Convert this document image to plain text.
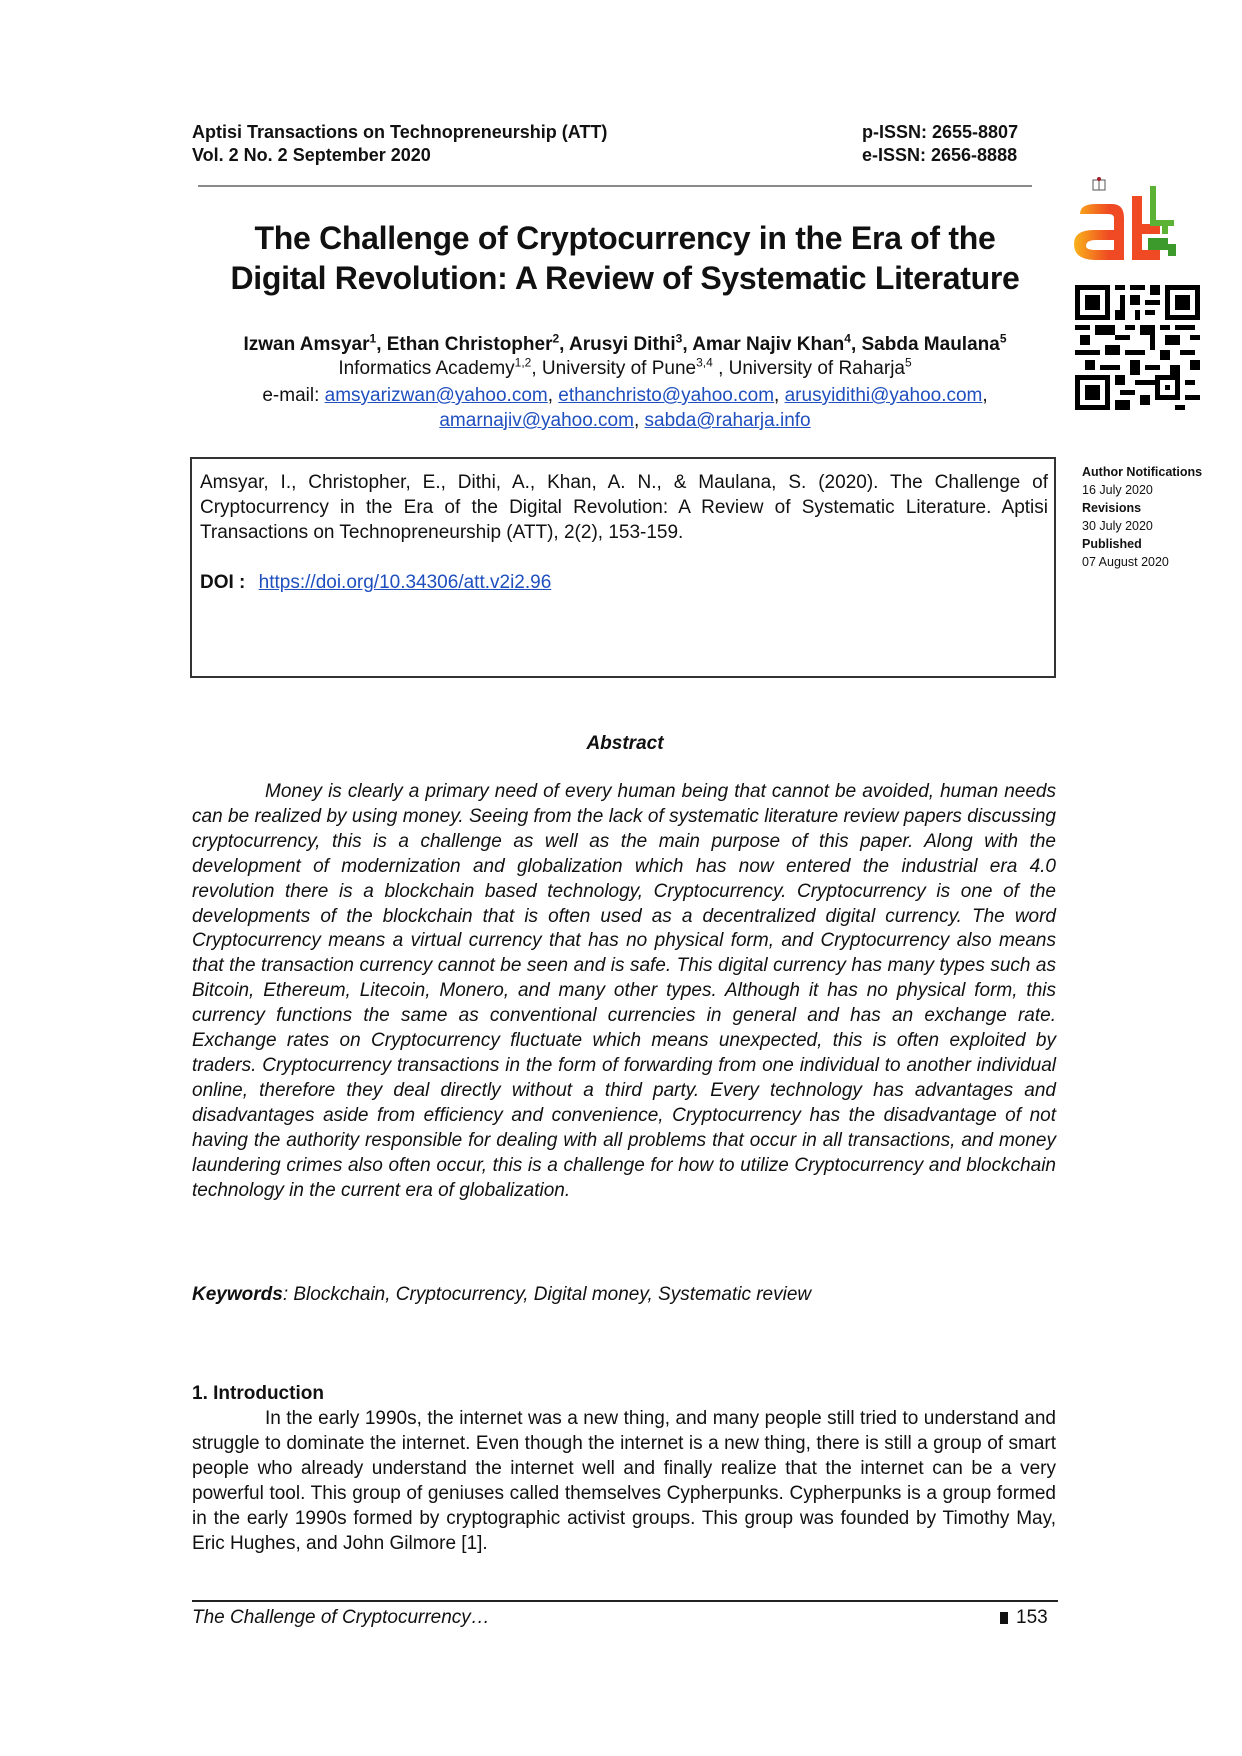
Aptisi Transactions on Technopreneurship (ATT)
Vol. 2 No. 2 September 2020
p-ISSN: 2655-8807
e-ISSN: 2656-8888
The Challenge of Cryptocurrency in the Era of the
Digital Revolution: A Review of Systematic Literature
Izwan Amsyar$^1$, Ethan Christopher$^2$, Arusyi Dithi$^3$, Amar Najiv Khan$^4$, Sabda Maulana$^5$
Informatics Academy$^{1,2}$, University of Pune$^{3,4}$ , University of Raharja$^5$
e-mail: amsyarizwan@yahoo.com, ethanchristo@yahoo.com, arusyidithi@yahoo.com,
amarnajiv@yahoo.com, sabda@raharja.info
Amsyar, I., Christopher, E., Dithi, A., Khan, A. N., & Maulana, S. (2020). The Challenge of Cryptocurrency in the Era of the Digital Revolution: A Review of Systematic Literature. Aptisi Transactions on Technopreneurship (ATT), 2(2), 153-159.
DOI : https://doi.org/10.34306/att.v2i2.96
Author Notifications
16 July 2020
Revisions
30 July 2020
Published
07 August 2020
Abstract
Money is clearly a primary need of every human being that cannot be avoided, human needs can be realized by using money. Seeing from the lack of systematic literature review papers discussing cryptocurrency, this is a challenge as well as the main purpose of this paper. Along with the development of modernization and globalization which has now entered the industrial era 4.0 revolution there is a blockchain based technology, Cryptocurrency. Cryptocurrency is one of the developments of the blockchain that is often used as a decentralized digital currency. The word Cryptocurrency means a virtual currency that has no physical form, and Cryptocurrency also means that the transaction currency cannot be seen and is safe. This digital currency has many types such as Bitcoin, Ethereum, Litecoin, Monero, and many other types. Although it has no physical form, this currency functions the same as conventional currencies in general and has an exchange rate. Exchange rates on Cryptocurrency fluctuate which means unexpected, this is often exploited by traders. Cryptocurrency transactions in the form of forwarding from one individual to another individual online, therefore they deal directly without a third party. Every technology has advantages and disadvantages aside from efficiency and convenience, Cryptocurrency has the disadvantage of not having the authority responsible for dealing with all problems that occur in all transactions, and money laundering crimes also often occur, this is a challenge for how to utilize Cryptocurrency and blockchain technology in the current era of globalization.
Keywords: Blockchain, Cryptocurrency, Digital money, Systematic review
1. Introduction
In the early 1990s, the internet was a new thing, and many people still tried to understand and struggle to dominate the internet. Even though the internet is a new thing, there is still a group of smart people who already understand the internet well and finally realize that the internet can be a very powerful tool. This group of geniuses called themselves Cypherpunks. Cypherpunks is a group formed in the early 1990s formed by cryptographic activist groups. This group was founded by Timothy May, Eric Hughes, and John Gilmore [1].
The Challenge of Cryptocurrency…	153
